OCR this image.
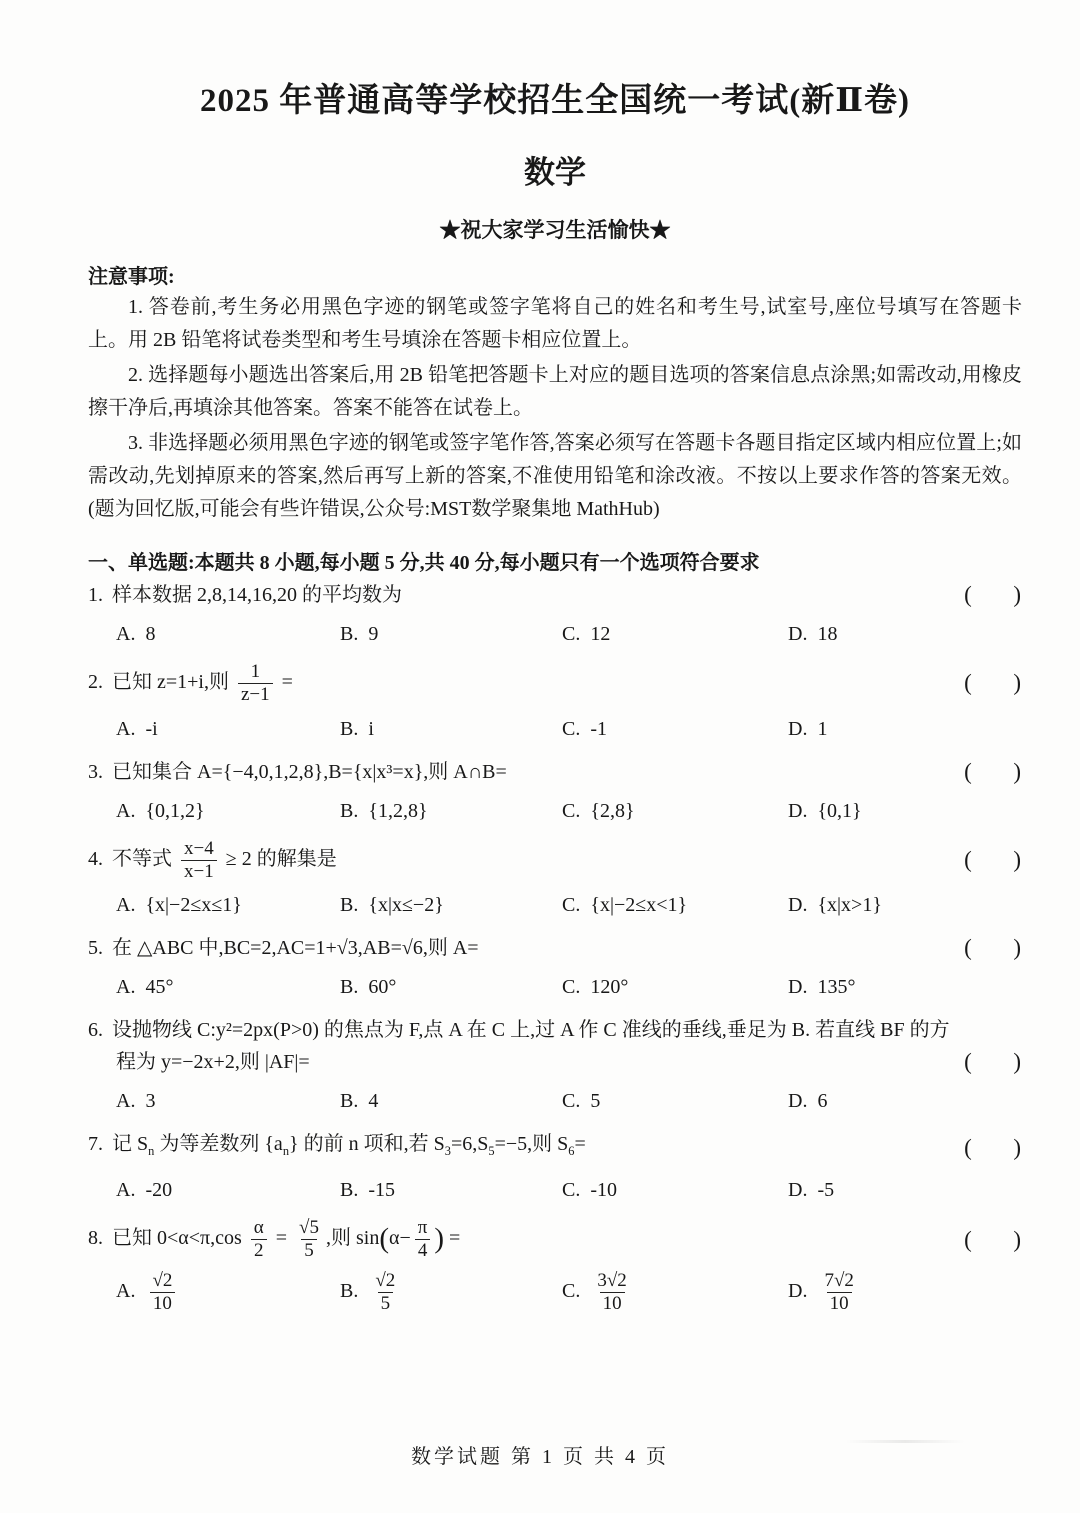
2025 年普通高等学校招生全国统一考试(新Ⅱ卷)
数学
★祝大家学习生活愉快★
注意事项:

1. 答卷前,考生务必用黑色字迹的钢笔或签字笔将自己的姓名和考生号,试室号,座位号填写在答题卡上。用 2B 铅笔将试卷类型和考生号填涂在答题卡相应位置上。

2. 选择题每小题选出答案后,用 2B 铅笔把答题卡上对应的题目选项的答案信息点涂黑;如需改动,用橡皮擦干净后,再填涂其他答案。答案不能答在试卷上。

3. 非选择题必须用黑色字迹的钢笔或签字笔作答,答案必须写在答题卡各题目指定区域内相应位置上;如需改动,先划掉原来的答案,然后再写上新的答案,不准使用铅笔和涂改液。不按以上要求作答的答案无效。(题为回忆版,可能会有些许错误,公众号:MST数学聚集地 MathHub)

一、单选题:本题共 8 小题,每小题 5 分,共 40 分,每小题只有一个选项符合要求
1. 样本数据 2,8,14,16,20 的平均数为	(      )
A. 8	B. 9	C. 12	D. 18
2. 已知 z=1+i,则 $\frac{1}{z-1}$ =	(      )
A. -i	B. i	C. -1	D. 1
3. 已知集合 A={−4,0,1,2,8},B={x|x³=x},则 A∩B=	(      )
A. {0,1,2}	B. {1,2,8}	C. {2,8}	D. {0,1}
4. 不等式 $\frac{x-4}{x-1} \ge 2$ 的解集是	(      )
A. {x|−2≤x≤1}	B. {x|x≤−2}	C. {x|−2≤x<1}	D. {x|x>1}
5. 在 △ABC 中,BC=2,AC=1+√3,AB=√6,则 A=	(      )
A. 45°	B. 60°	C. 120°	D. 135°
6. 设抛物线 C:y²=2px(P>0) 的焦点为 F,点 A 在 C 上,过 A 作 C 准线的垂线,垂足为 B. 若直线 BF 的方
程为 y=−2x+2,则 |AF|=	(      )
A. 3	B. 4	C. 5	D. 6
7. 记 $S_n$ 为等差数列 $\{a_n\}$ 的前 n 项和,若 $S_3=6,S_5=-5$,则 $S_6=$	(      )
A. -20	B. -15	C. -10	D. -5
8. 已知 $0<\alpha<\pi,\cos \frac{\alpha}{2} = \frac{√5}{5}$ ,则 $\sin(\alpha- \frac{\pi}{4}$ ) =	(      )
A. $\frac{√2}{10}$	B. $\frac{√2}{5}$	C. $\frac{3√2}{10}$	D. $\frac{7√2}{10}$
数学试题 第 1 页 共 4 页
